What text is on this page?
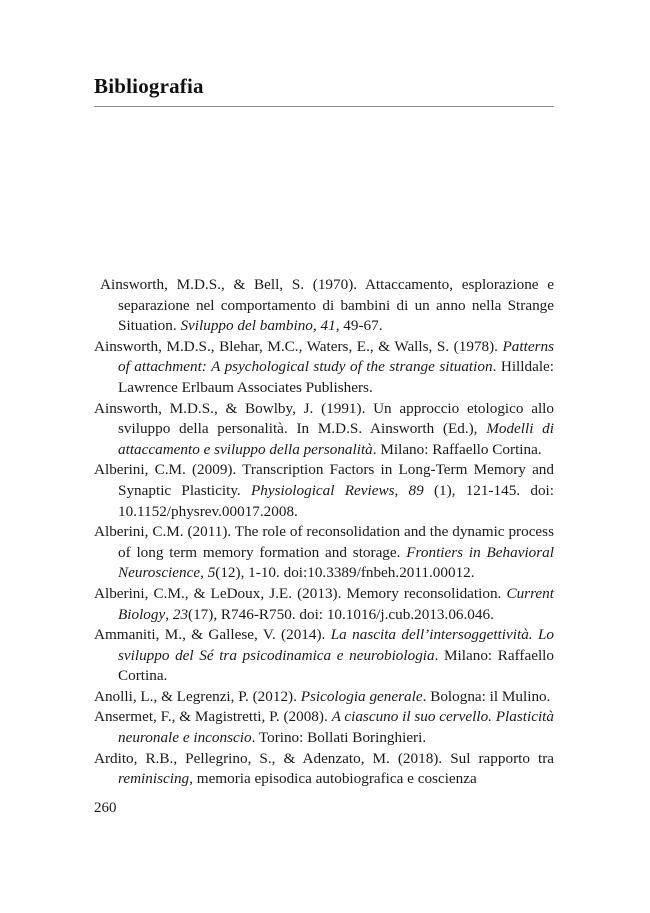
Bibliografia
Ainsworth, M.D.S., & Bell, S. (1970). Attaccamento, esplorazione e separazione nel comportamento di bambini di un anno nella Strange Situation. Sviluppo del bambino, 41, 49-67.
Ainsworth, M.D.S., Blehar, M.C., Waters, E., & Walls, S. (1978). Patterns of attachment: A psychological study of the strange situation. Hilldale: Lawrence Erlbaum Associates Publishers.
Ainsworth, M.D.S., & Bowlby, J. (1991). Un approccio etologico allo sviluppo della personalità. In M.D.S. Ainsworth (Ed.), Modelli di attaccamento e sviluppo della personalità. Milano: Raffaello Cortina.
Alberini, C.M. (2009). Transcription Factors in Long-Term Memory and Synaptic Plasticity. Physiological Reviews, 89 (1), 121-145. doi: 10.1152/physrev.00017.2008.
Alberini, C.M. (2011). The role of reconsolidation and the dynamic process of long term memory formation and storage. Frontiers in Behavioral Neuroscience, 5(12), 1-10. doi:10.3389/fnbeh.2011.00012.
Alberini, C.M., & LeDoux, J.E. (2013). Memory reconsolidation. Current Biology, 23(17), R746-R750. doi: 10.1016/j.cub.2013.06.046.
Ammaniti, M., & Gallese, V. (2014). La nascita dell’intersoggettività. Lo sviluppo del Sé tra psicodinamica e neurobiologia. Milano: Raffaello Cortina.
Anolli, L., & Legrenzi, P. (2012). Psicologia generale. Bologna: il Mulino.
Ansermet, F., & Magistretti, P. (2008). A ciascuno il suo cervello. Plasticità neuronale e inconscio. Torino: Bollati Boringhieri.
Ardito, R.B., Pellegrino, S., & Adenzato, M. (2018). Sul rapporto tra reminiscing, memoria episodica autobiografica e coscienza
260
